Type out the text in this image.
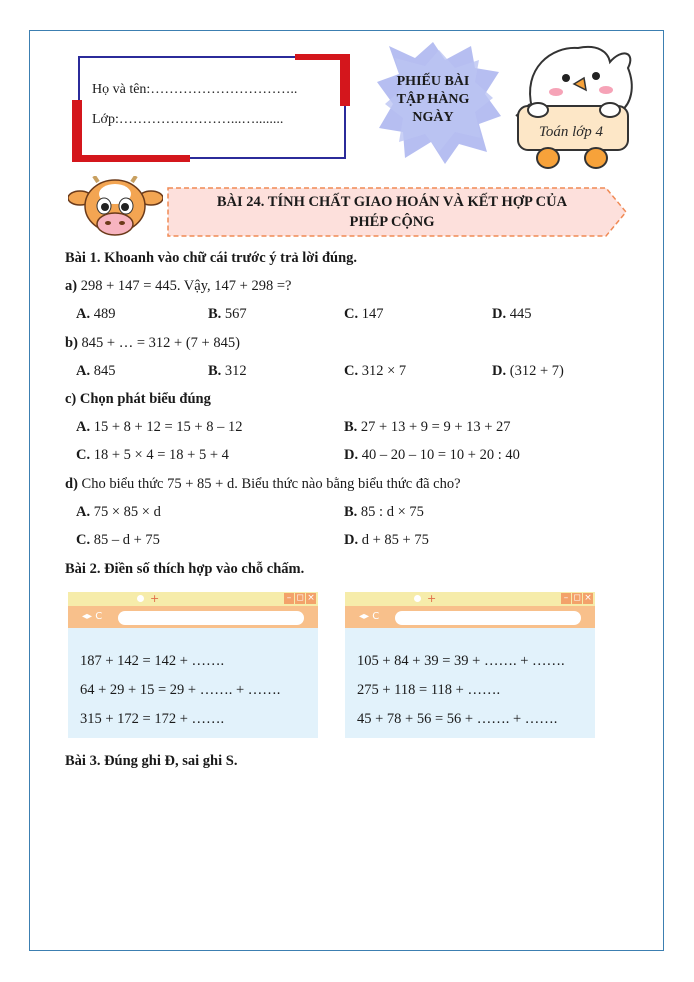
Họ và tên:…………………………..
Lớp:……………………...…........
PHIẾU BÀI
TẬP HÀNG
NGÀY
Toán lớp 4
BÀI 24. TÍNH CHẤT GIAO HOÁN VÀ KẾT HỢP CỦA
PHÉP CỘNG
Bài 1. Khoanh vào chữ cái trước ý trả lời đúng.
a) 298 + 147 = 445. Vậy, 147 + 298 =?
A. 489	B. 567	C. 147	D. 445
b) 845 + … = 312 + (7 + 845)
A. 845	B. 312	C. 312 × 7	D. (312 + 7)
c) Chọn phát biểu đúng
A. 15 + 8 + 12 = 15 + 8 – 12	B. 27 + 13 + 9 = 9 + 13 + 27
C. 18 + 5 × 4 = 18 + 5 + 4	D. 40 – 20 – 10 = 10 + 20 : 40
d) Cho biểu thức 75 + 85 + d. Biểu thức nào bằng biểu thức đã cho?
A. 75 × 85 × d	B. 85 : d × 75
C. 85 – d + 75	D. d + 85 + 75
Bài 2. Điền số thích hợp vào chỗ chấm.
+	– ◻ ×
◂▸ C
187 + 142 = 142 + …….
64 + 29 + 15 = 29 + ……. + …….
315 + 172 = 172 + …….
+	– ◻ ×
◂▸ C
105 + 84 + 39 = 39 + ……. + …….
275 + 118 = 118 + …….
45 + 78 + 56 = 56 + ……. + …….
Bài 3. Đúng ghi Đ, sai ghi S.
